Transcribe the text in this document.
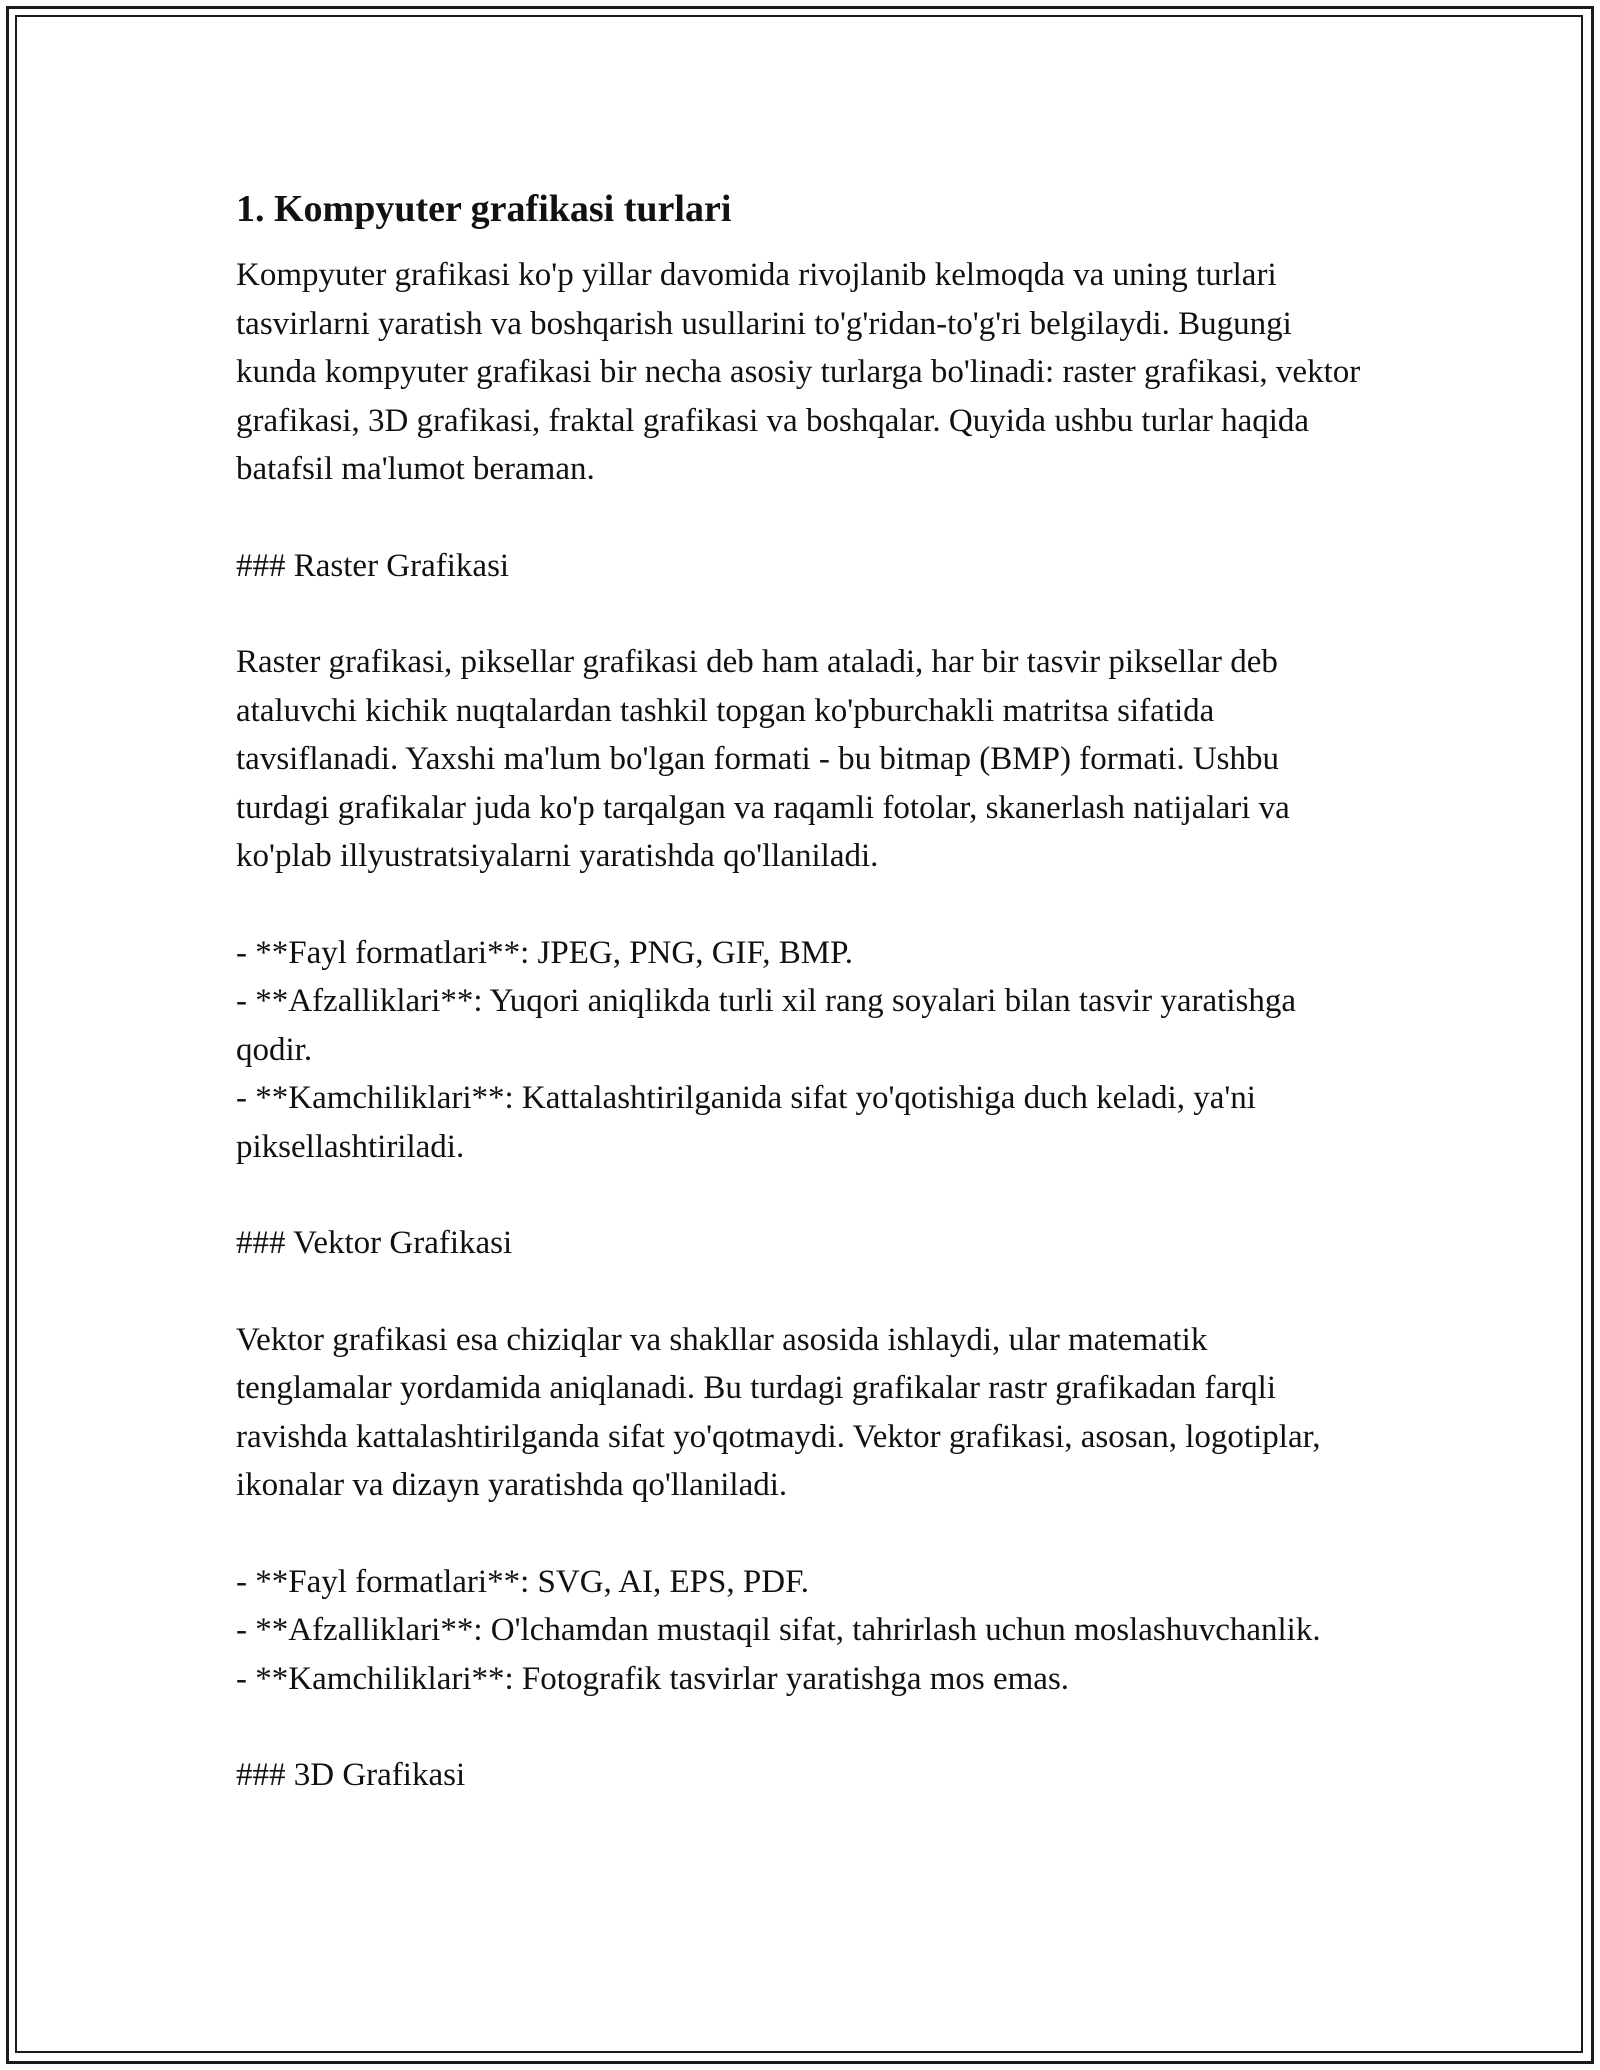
1. Kompyuter grafikasi turlari

Kompyuter grafikasi ko'p yillar davomida rivojlanib kelmoqda va uning turlari tasvirlarni yaratish va boshqarish usullarini to'g'ridan-to'g'ri belgilaydi. Bugungi kunda kompyuter grafikasi bir necha asosiy turlarga bo'linadi: raster grafikasi, vektor grafikasi, 3D grafikasi, fraktal grafikasi va boshqalar. Quyida ushbu turlar haqida batafsil ma'lumot beraman.

### Raster Grafikasi

Raster grafikasi, piksellar grafikasi deb ham ataladi, har bir tasvir piksellar deb ataluvchi kichik nuqtalardan tashkil topgan ko'pburchakli matritsa sifatida tavsiflanadi. Yaxshi ma'lum bo'lgan formati - bu bitmap (BMP) formati. Ushbu turdagi grafikalar juda ko'p tarqalgan va raqamli fotolar, skanerlash natijalari va ko'plab illyustratsiyalarni yaratishda qo'llaniladi.

- **Fayl formatlari**: JPEG, PNG, GIF, BMP.
- **Afzalliklari**: Yuqori aniqlikda turli xil rang soyalari bilan tasvir yaratishga qodir.
- **Kamchiliklari**: Kattalashtirilganida sifat yo'qotishiga duch keladi, ya'ni piksellashtiriladi.

### Vektor Grafikasi

Vektor grafikasi esa chiziqlar va shakllar asosida ishlaydi, ular matematik tenglamalar yordamida aniqlanadi. Bu turdagi grafikalar rastr grafikadan farqli ravishda kattalashtirilganda sifat yo'qotmaydi. Vektor grafikasi, asosan, logotiplar, ikonalar va dizayn yaratishda qo'llaniladi.

- **Fayl formatlari**: SVG, AI, EPS, PDF.
- **Afzalliklari**: O'lchamdan mustaqil sifat, tahrirlash uchun moslashuvchanlik.
- **Kamchiliklari**: Fotografik tasvirlar yaratishga mos emas.

### 3D Grafikasi
